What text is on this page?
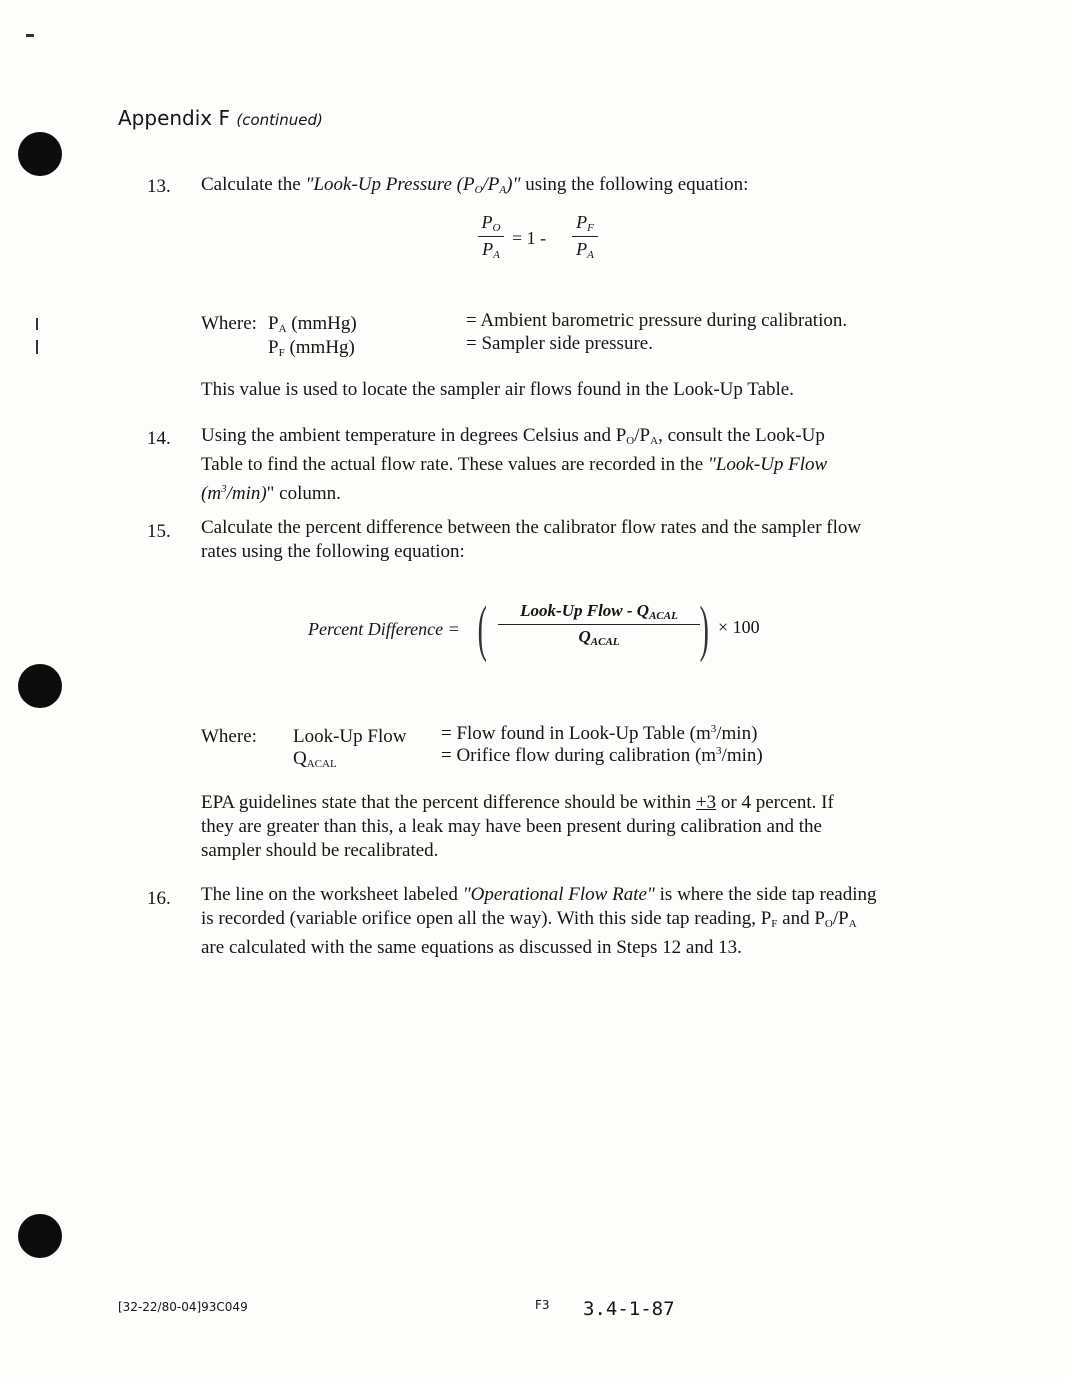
Appendix F (continued)
13. Calculate the "Look-Up Pressure $(P_O/P_A)$" using the following equation:
$P_O$
$P_A$
= 1 -
$P_F$
$P_A$
Where: $P_A$ (mmHg)	= Ambient barometric pressure during calibration.
$P_F$ (mmHg)	= Sampler side pressure.
This value is used to locate the sampler air flows found in the Look-Up Table.
14. Using the ambient temperature in degrees Celsius and $P_O/P_A$, consult the Look-Up
Table to find the actual flow rate. These values are recorded in the "Look-Up Flow
$(m^3/\min)$" column.
15. Calculate the percent difference between the calibrator flow rates and the sampler flow
rates using the following equation:
Percent Difference = (	Look-Up Flow - $Q_{ACAL}$
$Q_{ACAL}$	) × 100
Where: Look-Up Flow = Flow found in Look-Up Table $(m^3/\min)$
$Q_{ACAL}$	= Orifice flow during calibration $(m^3/\min)$
EPA guidelines state that the percent difference should be within +3 or 4 percent. If
they are greater than this, a leak may have been present during calibration and the
sampler should be recalibrated.
16. The line on the worksheet labeled "Operational Flow Rate" is where the side tap reading
is recorded (variable orifice open all the way). With this side tap reading, $P_F$ and $P_O/P_A$
are calculated with the same equations as discussed in Steps 12 and 13.
[32-22/80-04]93C049	F3 3.4-1-87
